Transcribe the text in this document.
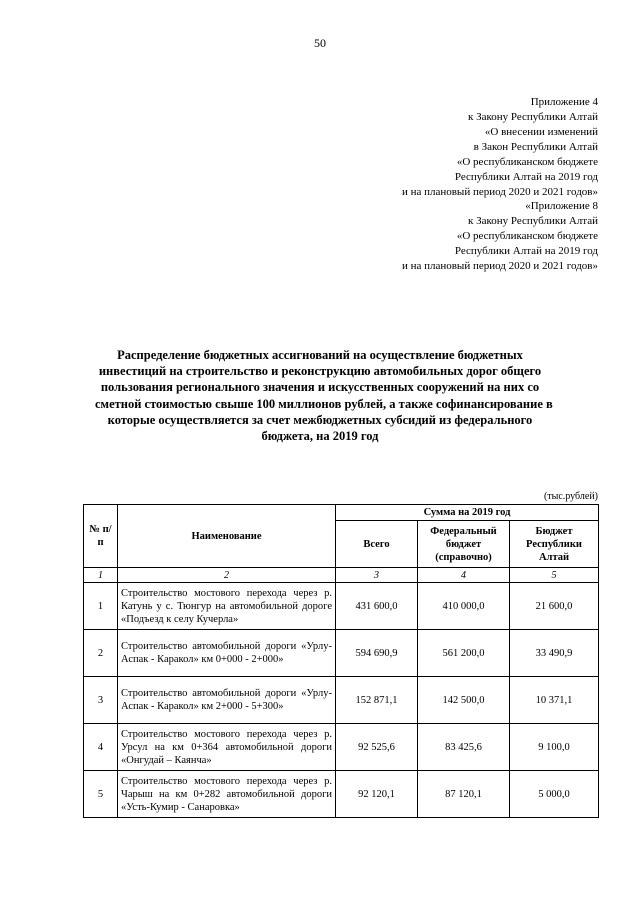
50
Приложение 4
к Закону Республики Алтай
«О внесении изменений
в Закон Республики Алтай
«О республиканском бюджете
Республики Алтай на 2019 год
и на плановый период 2020 и 2021 годов»
«Приложение 8
к Закону Республики Алтай
«О республиканском бюджете
Республики Алтай на 2019 год
и на плановый период 2020 и 2021 годов»
Распределение бюджетных ассигнований на осуществление бюджетных
инвестиций на строительство и реконструкцию автомобильных дорог общего
пользования регионального значения и искусственных сооружений на них со
сметной стоимостью свыше 100 миллионов рублей, а также софинансирование в
которые осуществляется за счет межбюджетных субсидий из федерального
бюджета, на 2019 год
(тыс.рублей)
№ п/п	Наименование	Сумма на 2019 год		
		Всего	Федеральный бюджет (справочно)	Бюджет Республики Алтай
1	2	3	4	5
1	Строительство мостового перехода через р. Катунь у с. Тюнгур на автомобильной дороге «Подъезд к селу Кучерла»	431 600,0	410 000,0	21 600,0
2	Строительство автомобильной дороги «Урлу-Аспак - Каракол» км 0+000 - 2+000»	594 690,9	561 200,0	33 490,9
3	Строительство автомобильной дороги «Урлу-Аспак - Каракол» км 2+000 - 5+300»	152 871,1	142 500,0	10 371,1
4	Строительство мостового перехода через р. Урсул на км 0+364 автомобильной дороги «Онгудай – Каянча»	92 525,6	83 425,6	9 100,0
5	Строительство мостового перехода через р. Чарыш на км 0+282 автомобильной дороги «Усть-Кумир - Санаровка»	92 120,1	87 120,1	5 000,0
